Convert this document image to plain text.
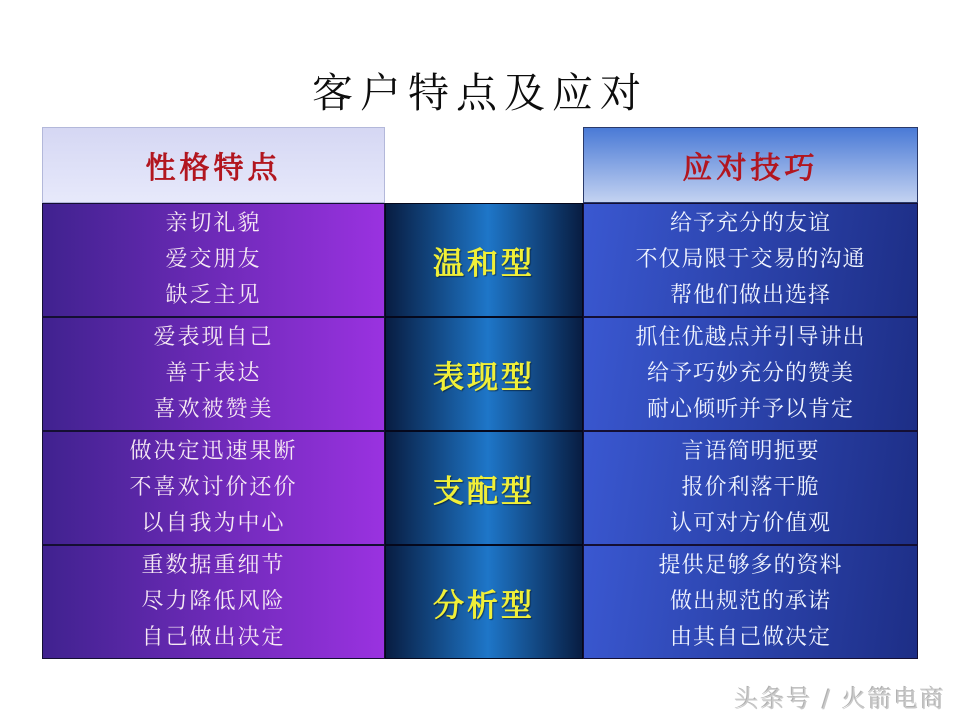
客户特点及应对
性格特点	应对技巧
亲切礼貌
爱交朋友
缺乏主见
温和型
给予充分的友谊
不仅局限于交易的沟通
帮他们做出选择
爱表现自己
善于表达
喜欢被赞美
表现型
抓住优越点并引导讲出
给予巧妙充分的赞美
耐心倾听并予以肯定
做决定迅速果断
不喜欢讨价还价
以自我为中心
支配型
言语简明扼要
报价利落干脆
认可对方价值观
重数据重细节
尽力降低风险
自己做出决定
分析型
提供足够多的资料
做出规范的承诺
由其自己做决定
头条号 / 火箭电商
